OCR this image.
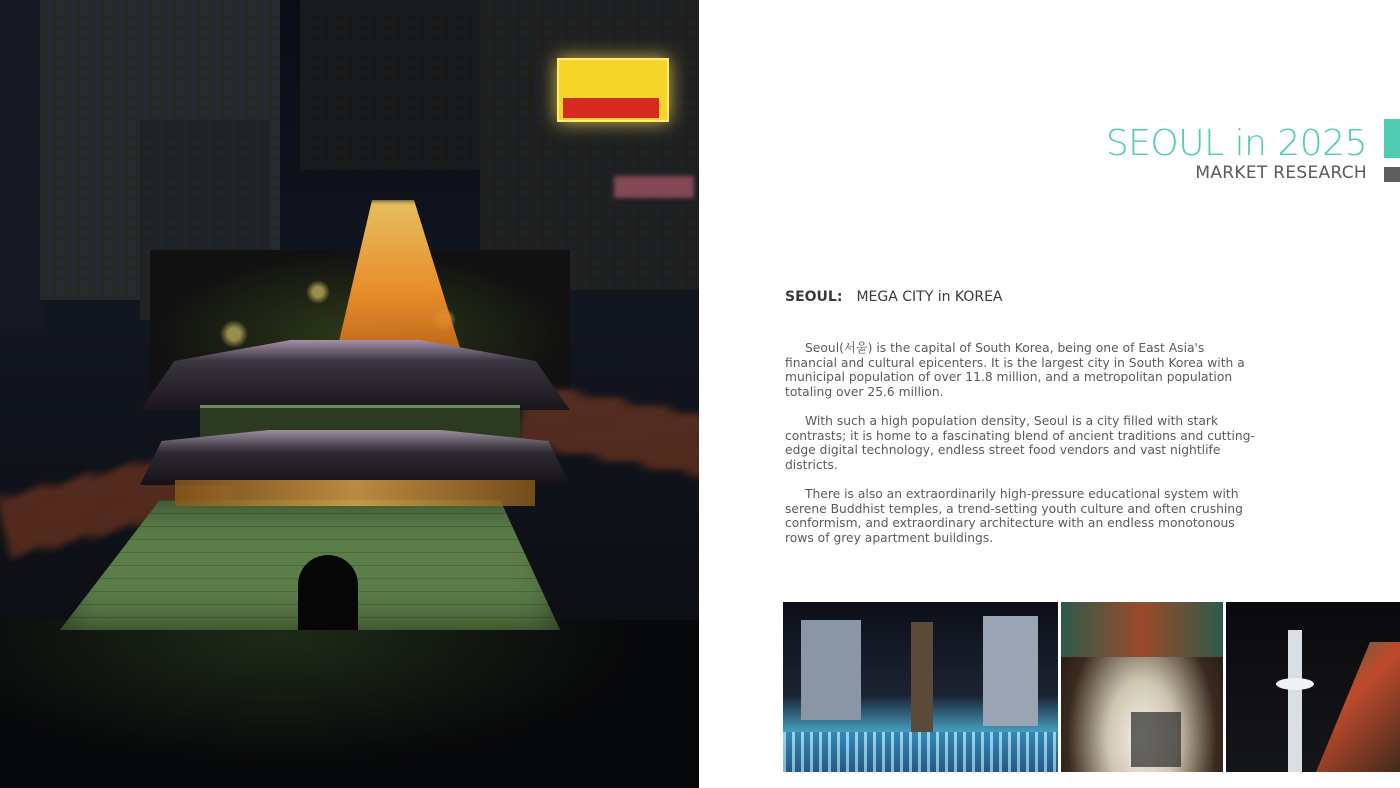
SEOUL in 2025
MARKET RESEARCH
SEOUL: MEGA CITY in KOREA

Seoul(서울) is the capital of South Korea, being one of East Asia's financial and cultural epicenters. It is the largest city in South Korea with a municipal population of over 11.8 million, and a metropolitan population totaling over 25.6 million.

With such a high population density, Seoul is a city filled with stark contrasts; it is home to a fascinating blend of ancient traditions and cutting-edge digital technology, endless street food vendors and vast nightlife districts.

There is also an extraordinarily high-pressure educational system with serene Buddhist temples, a trend-setting youth culture and often crushing conformism, and extraordinary architecture with an endless monotonous rows of grey apartment buildings.
